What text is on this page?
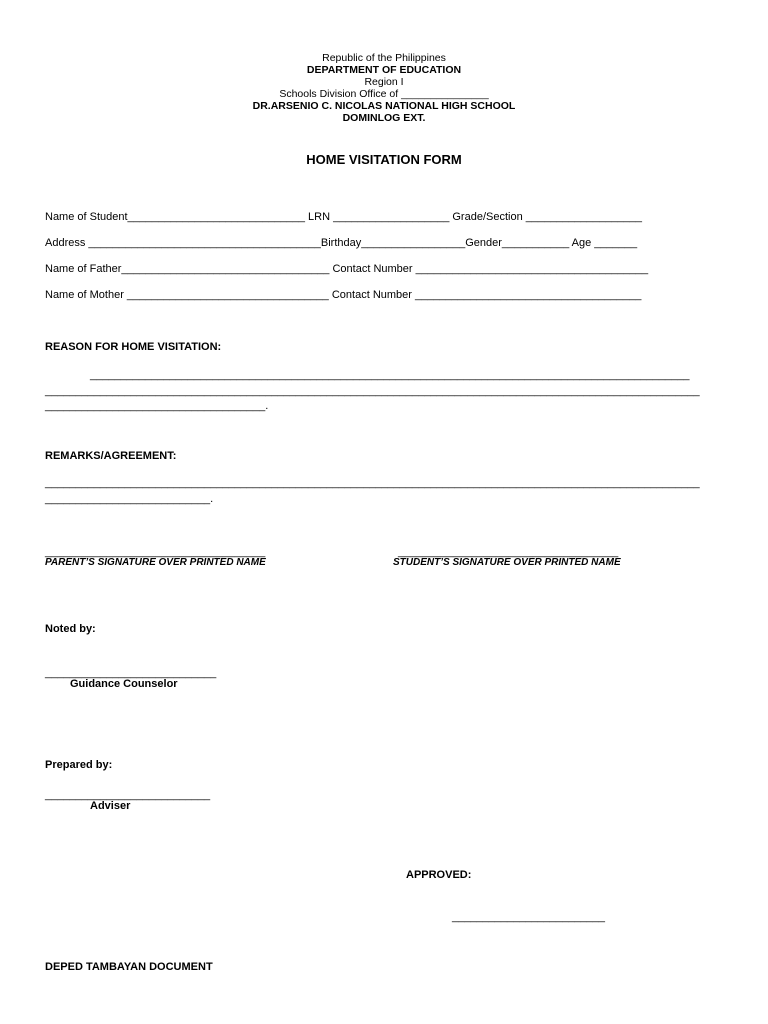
Republic of the Philippines
DEPARTMENT OF EDUCATION
Region I
Schools Division Office of _______________
DR.ARSENIO C. NICOLAS NATIONAL HIGH SCHOOL
DOMINLOG EXT.
HOME VISITATION FORM
Name of Student_____________________________ LRN ___________________ Grade/Section ___________________
Address ______________________________________Birthday_________________Gender___________ Age _______
Name of Father__________________________________ Contact Number ______________________________________
Name of Mother _________________________________ Contact Number _____________________________________
REASON FOR HOME VISITATION:
__________________________________________________________________________________________________
___________________________________________________________________________________________________________
____________________________________.
REMARKS/AGREEMENT:
___________________________________________________________________________________________________________
___________________________.
____________________________________
PARENT’S SIGNATURE OVER PRINTED NAME
____________________________________
STUDENT’S SIGNATURE OVER PRINTED NAME
Noted by:
____________________________
Guidance Counselor
Prepared by:
___________________________
Adviser
APPROVED:
_________________________
DEPED TAMBAYAN DOCUMENT
